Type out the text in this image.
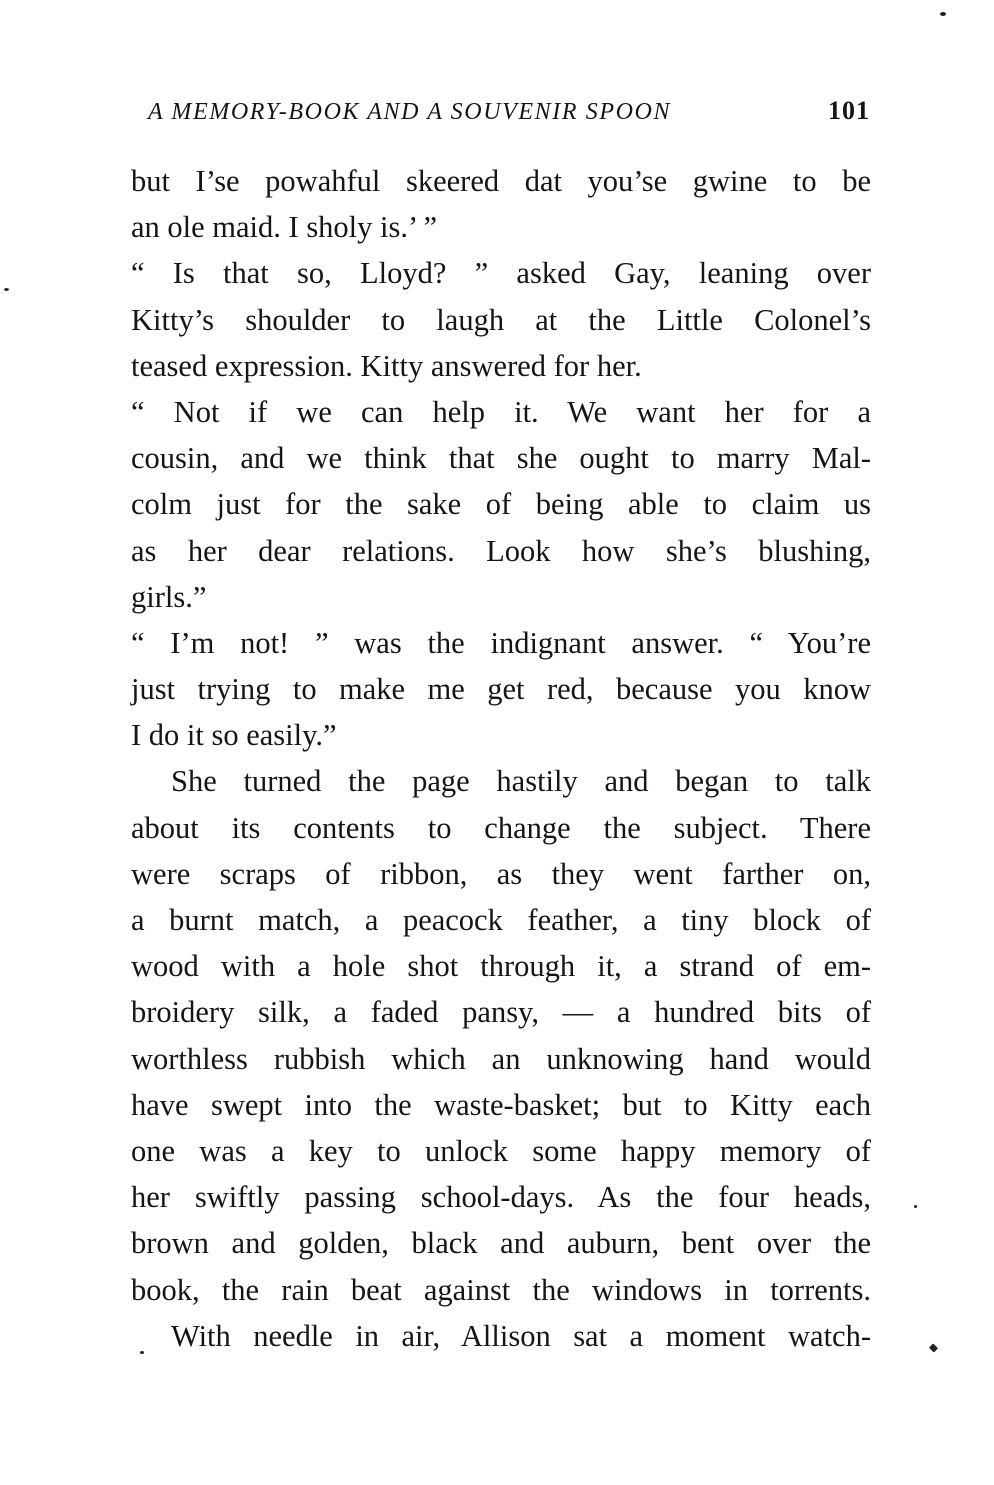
A MEMORY-BOOK AND A SOUVENIR SPOON	101
but I’se powahful skeered dat you’se gwine to be
an ole maid. I sholy is.’ ”
“ Is that so, Lloyd? ” asked Gay, leaning over
Kitty’s shoulder to laugh at the Little Colonel’s
teased expression. Kitty answered for her.
“ Not if we can help it. We want her for a
cousin, and we think that she ought to marry Mal-
colm just for the sake of being able to claim us
as her dear relations. Look how she’s blushing,
girls.”
“ I’m not! ” was the indignant answer. “ You’re
just trying to make me get red, because you know
I do it so easily.”
She turned the page hastily and began to talk
about its contents to change the subject. There
were scraps of ribbon, as they went farther on,
a burnt match, a peacock feather, a tiny block of
wood with a hole shot through it, a strand of em-
broidery silk, a faded pansy, — a hundred bits of
worthless rubbish which an unknowing hand would
have swept into the waste-basket; but to Kitty each
one was a key to unlock some happy memory of
her swiftly passing school-days. As the four heads,
brown and golden, black and auburn, bent over the
book, the rain beat against the windows in torrents.
With needle in air, Allison sat a moment watch-
